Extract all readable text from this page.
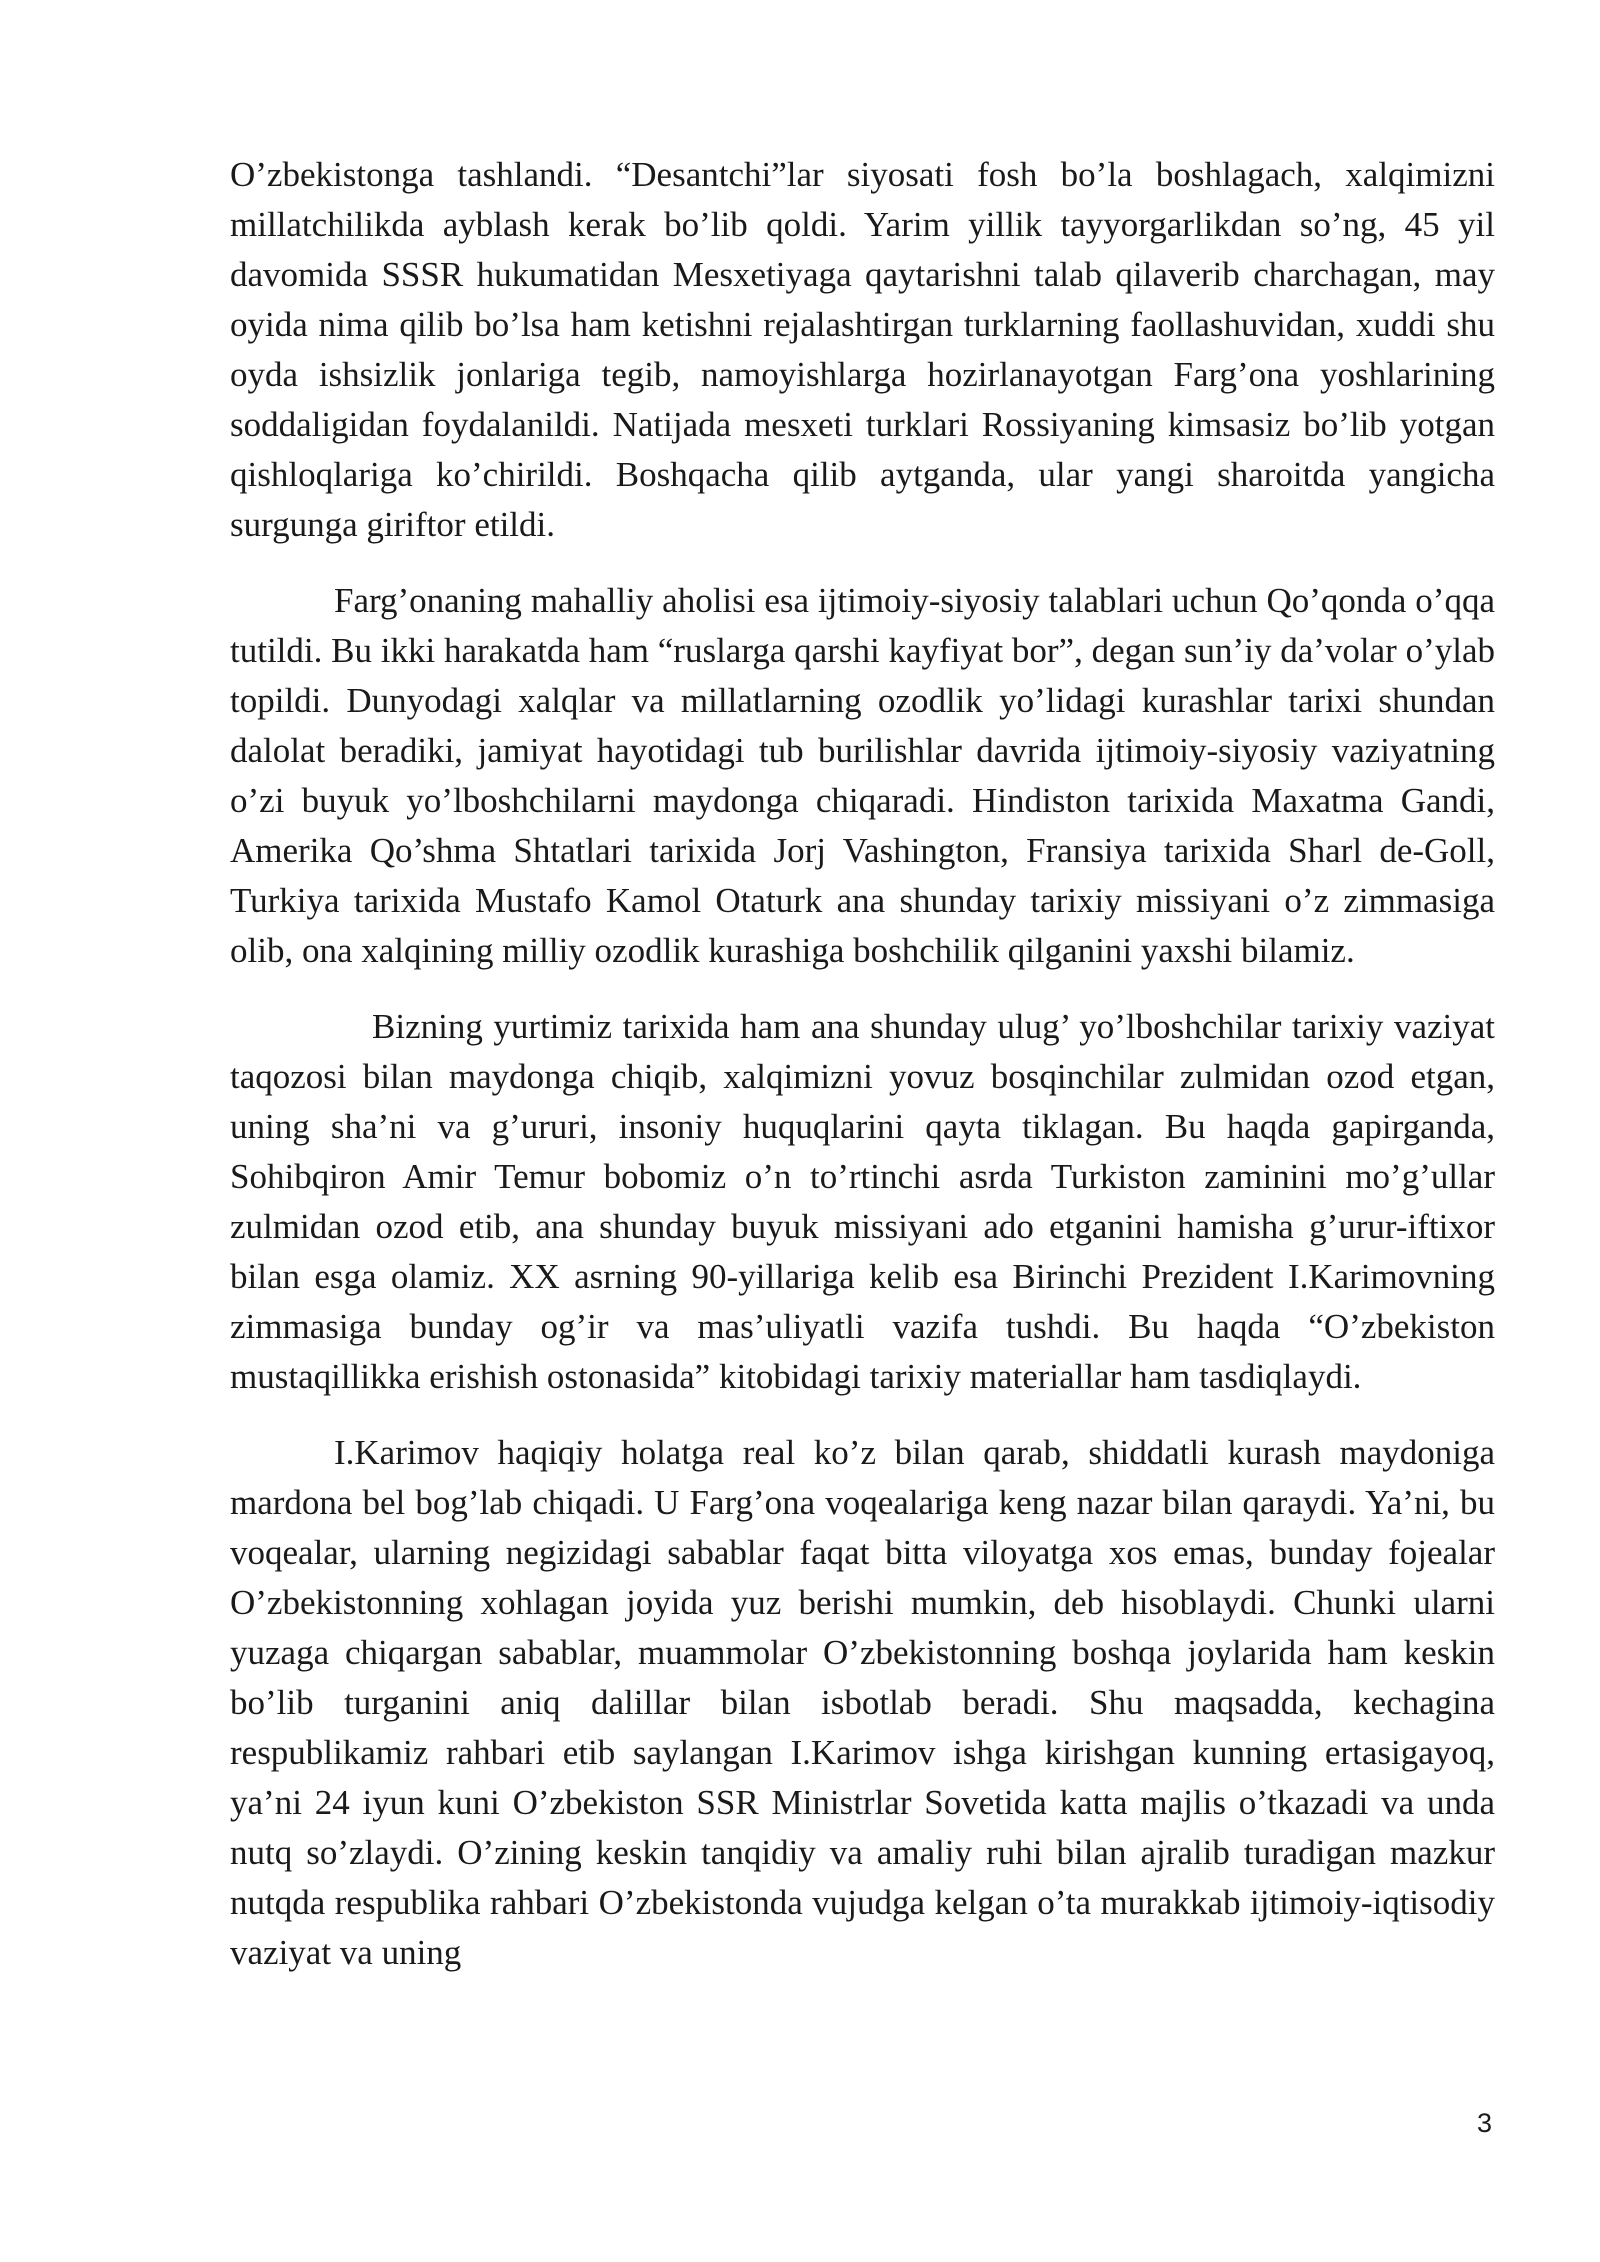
O’zbekistonga tashlandi. “Desantchi”lar siyosati fosh bo’la boshlagach, xalqimizni millatchilikda ayblash kerak bo’lib qoldi. Yarim yillik tayyorgarlikdan so’ng, 45 yil davomida SSSR hukumatidan Mesxetiyaga qaytarishni talab qilaverib charchagan, may oyida nima qilib bo’lsa ham ketishni rejalashtirgan turklarning faollashuvidan, xuddi shu oyda ishsizlik jonlariga tegib, namoyishlarga hozirlanayotgan Farg’ona yoshlarining soddaligidan foydalanildi. Natijada mesxeti turklari Rossiyaning kimsasiz bo’lib yotgan qishloqlariga ko’chirildi. Boshqacha qilib aytganda, ular yangi sharoitda yangicha surgunga giriftor etildi.

Farg’onaning mahalliy aholisi esa ijtimoiy-siyosiy talablari uchun Qo’qonda o’qqa tutildi. Bu ikki harakatda ham “ruslarga qarshi kayfiyat bor”, degan sun’iy da’volar o’ylab topildi. Dunyodagi xalqlar va millatlarning ozodlik yo’lidagi kurashlar tarixi shundan dalolat beradiki, jamiyat hayotidagi tub burilishlar davrida ijtimoiy-siyosiy vaziyatning o’zi buyuk yo’lboshchilarni maydonga chiqaradi. Hindiston tarixida Maxatma Gandi, Amerika Qo’shma Shtatlari tarixida Jorj Vashington, Fransiya tarixida Sharl de-Goll, Turkiya tarixida Mustafo Kamol Otaturk ana shunday tarixiy missiyani o’z zimmasiga olib, ona xalqining milliy ozodlik kurashiga boshchilik qilganini yaxshi bilamiz.

Bizning yurtimiz tarixida ham ana shunday ulug’ yo’lboshchilar tarixiy vaziyat taqozosi bilan maydonga chiqib, xalqimizni yovuz bosqinchilar zulmidan ozod etgan, uning sha’ni va g’ururi, insoniy huquqlarini qayta tiklagan. Bu haqda gapirganda, Sohibqiron Amir Temur bobomiz o’n to’rtinchi asrda Turkiston zaminini mo’g’ullar zulmidan ozod etib, ana shunday buyuk missiyani ado etganini hamisha g’urur-iftixor bilan esga olamiz. XX asrning 90-yillariga kelib esa Birinchi Prezident I.Karimovning zimmasiga bunday og’ir va mas’uliyatli vazifa tushdi. Bu haqda “O’zbekiston mustaqillikka erishish ostonasida” kitobidagi tarixiy materiallar ham tasdiqlaydi.

I.Karimov haqiqiy holatga real ko’z bilan qarab, shiddatli kurash maydoniga mardona bel bog’lab chiqadi. U Farg’ona voqealariga keng nazar bilan qaraydi. Ya’ni, bu voqealar, ularning negizidagi sabablar faqat bitta viloyatga xos emas, bunday fojealar O’zbekistonning xohlagan joyida yuz berishi mumkin, deb hisoblaydi. Chunki ularni yuzaga chiqargan sabablar, muammolar O’zbekistonning boshqa joylarida ham keskin bo’lib turganini aniq dalillar bilan isbotlab beradi. Shu maqsadda, kechagina respublikamiz rahbari etib saylangan I.Karimov ishga kirishgan kunning ertasigayoq, ya’ni 24 iyun kuni O’zbekiston SSR Ministrlar Sovetida katta majlis o’tkazadi va unda nutq so’zlaydi. O’zining keskin tanqidiy va amaliy ruhi bilan ajralib turadigan mazkur nutqda respublika rahbari O’zbekistonda vujudga kelgan o’ta murakkab ijtimoiy-iqtisodiy vaziyat va uning

3
